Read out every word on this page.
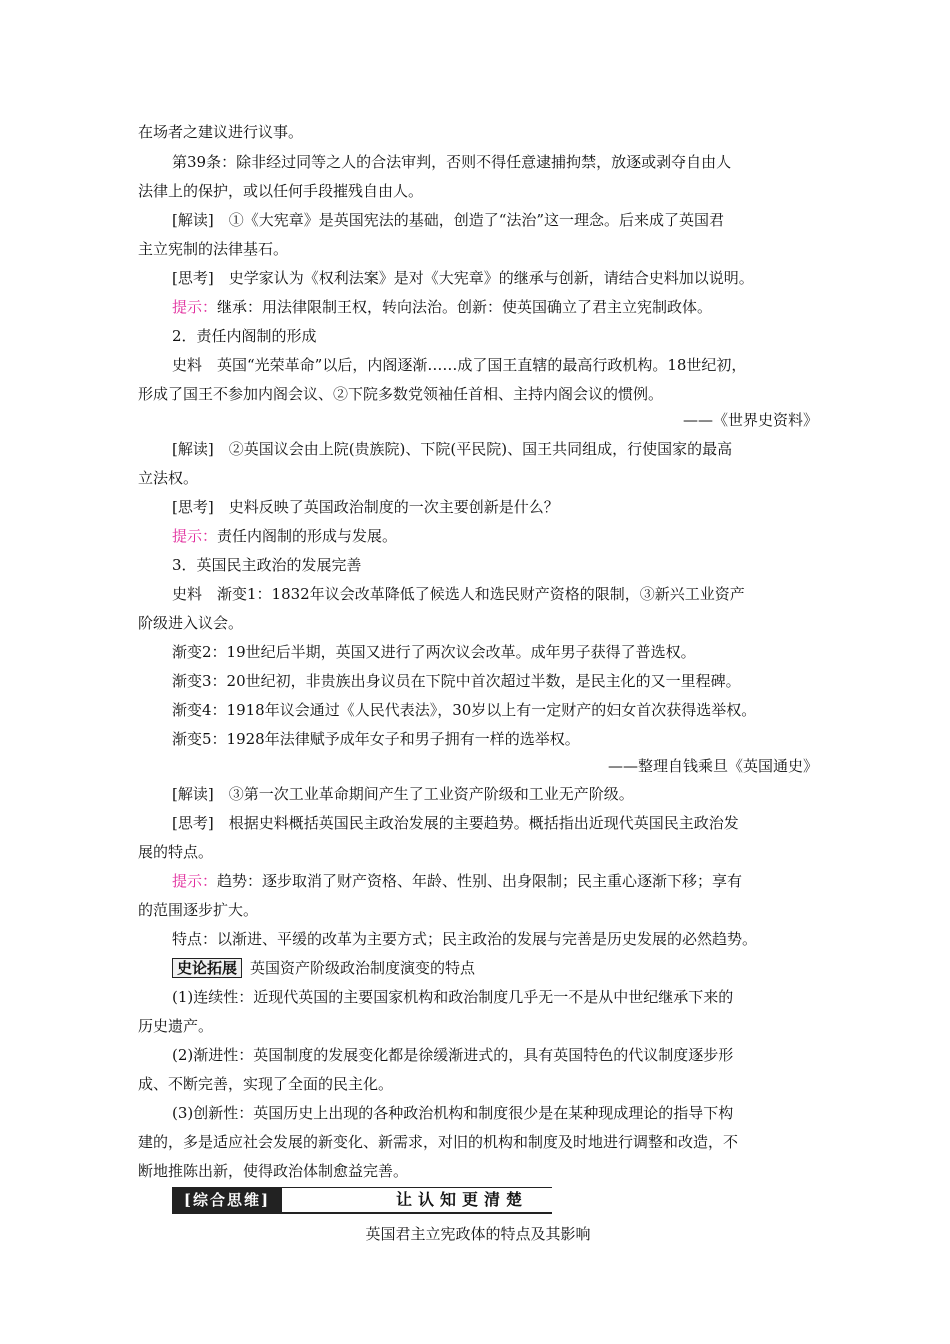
在场者之建议进行议事。
第39条：除非经过同等之人的合法审判，否则不得任意逮捕拘禁，放逐或剥夺自由人
法律上的保护，或以任何手段摧残自由人。
[解读]　①《大宪章》是英国宪法的基础，创造了“法治”这一理念。后来成了英国君
主立宪制的法律基石。
[思考]　史学家认为《权利法案》是对《大宪章》的继承与创新，请结合史料加以说明。
提示：继承：用法律限制王权，转向法治。创新：使英国确立了君主立宪制政体。
2．责任内阁制的形成
史料　英国“光荣革命”以后，内阁逐渐……成了国王直辖的最高行政机构。18世纪初，
形成了国王不参加内阁会议、②下院多数党领袖任首相、主持内阁会议的惯例。
——《世界史资料》
[解读]　②英国议会由上院(贵族院)、下院(平民院)、国王共同组成，行使国家的最高
立法权。
[思考]　史料反映了英国政治制度的一次主要创新是什么？
提示：责任内阁制的形成与发展。
3．英国民主政治的发展完善
史料　渐变1：1832年议会改革降低了候选人和选民财产资格的限制，③新兴工业资产
阶级进入议会。
渐变2：19世纪后半期，英国又进行了两次议会改革。成年男子获得了普选权。
渐变3：20世纪初，非贵族出身议员在下院中首次超过半数，是民主化的又一里程碑。
渐变4：1918年议会通过《人民代表法》，30岁以上有一定财产的妇女首次获得选举权。
渐变5：1928年法律赋予成年女子和男子拥有一样的选举权。
——整理自钱乘旦《英国通史》
[解读]　③第一次工业革命期间产生了工业资产阶级和工业无产阶级。
[思考]　根据史料概括英国民主政治发展的主要趋势。概括指出近现代英国民主政治发
展的特点。
提示：趋势：逐步取消了财产资格、年龄、性别、出身限制；民主重心逐渐下移；享有
的范围逐步扩大。
特点：以渐进、平缓的改革为主要方式；民主政治的发展与完善是历史发展的必然趋势。
史论拓展 英国资产阶级政治制度演变的特点
(1)连续性：近现代英国的主要国家机构和政治制度几乎无一不是从中世纪继承下来的
历史遗产。
(2)渐进性：英国制度的发展变化都是徐缓渐进式的，具有英国特色的代议制度逐步形
成、不断完善，实现了全面的民主化。
(3)创新性：英国历史上出现的各种政治机构和制度很少是在某种现成理论的指导下构
建的，多是适应社会发展的新变化、新需求，对旧的机构和制度及时地进行调整和改造，不
断地推陈出新，使得政治体制愈益完善。
[综合思维]	让认知更清楚
英国君主立宪政体的特点及其影响
